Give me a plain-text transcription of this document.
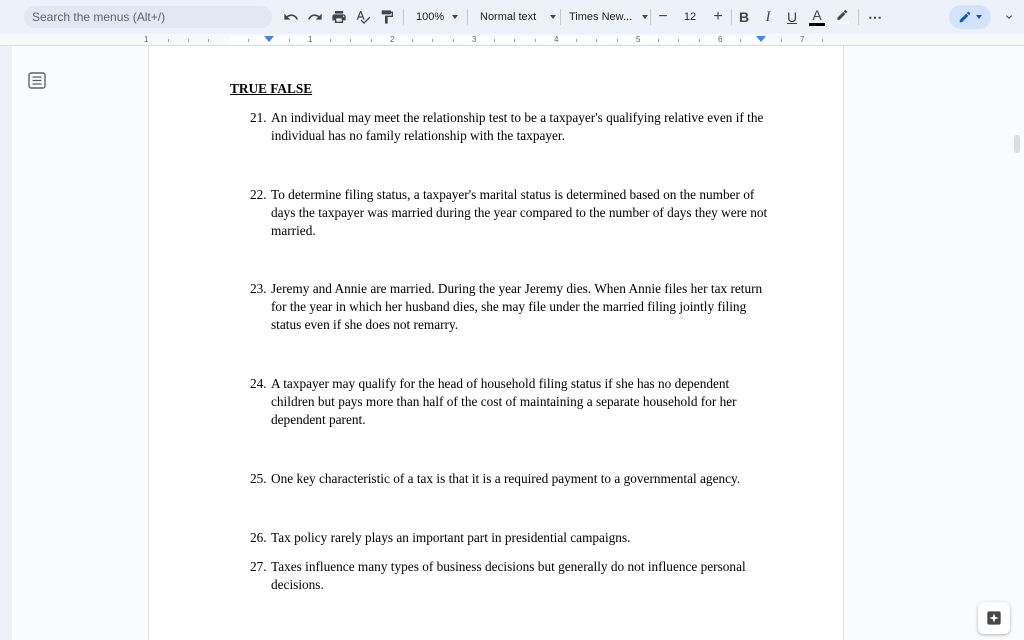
Search the menus (Alt+/)	100%	Normal text	Times New... −	12	+ B	I	U A	⋯
1	1	2	3	4	5	6	7
TRUE FALSE
21. An individual may meet the relationship test to be a taxpayer's qualifying relative even if the individual has no family relationship with the taxpayer.
22. To determine filing status, a taxpayer's marital status is determined based on the number of days the taxpayer was married during the year compared to the number of days they were not married.
23. Jeremy and Annie are married. During the year Jeremy dies. When Annie files her tax return for the year in which her husband dies, she may file under the married filing jointly filing status even if she does not remarry.
24. A taxpayer may qualify for the head of household filing status if she has no dependent children but pays more than half of the cost of maintaining a separate household for her dependent parent.
25. One key characteristic of a tax is that it is a required payment to a governmental agency.
26. Tax policy rarely plays an important part in presidential campaigns.
27. Taxes influence many types of business decisions but generally do not influence personal decisions.
